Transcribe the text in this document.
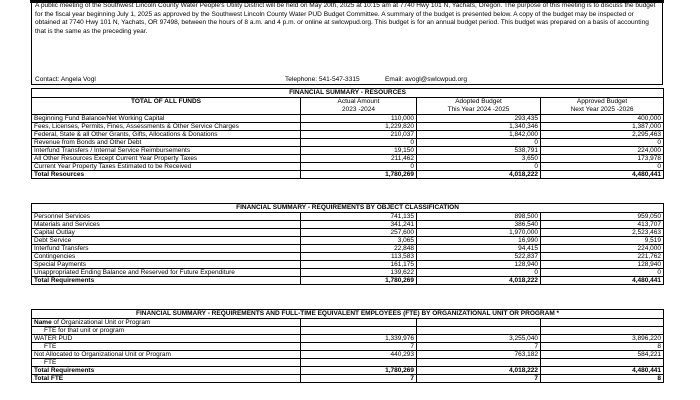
A public meeting of the Southwest Lincoln County Water People's Utility District will be held on May 20th, 2025 at 10:15 am at 7740 Hwy 101 N, Yachats, Oregon. The purpose of this meeting is to discuss the budget for the fiscal year beginning July 1, 2025 as approved by the Southwest Lincoln County Water PUD Budget Committee. A summary of the budget is presented below. A copy of the budget may be inspected or obtained at 7740 Hwy 101 N, Yachats, OR 97498, between the hours of 8 a.m. and 4 p.m. or online at swlcwpud.org. This budget is for an annual budget period. This budget was prepared on a basis of accounting that is the same as the preceding year.

Contact: Angela Vogl	Telephone: 541-547-3315	Email: avogl@swlcwpud.org
FINANCIAL SUMMARY - RESOURCES			
TOTAL OF ALL FUNDS	Actual Amount	Adopted Budget	Approved Budget
	2023 -2024	This Year 2024 -2025	Next Year 2025 -2026
Beginning Fund Balance/Net Working Capital	110,000	293,435	400,000
Fees, Licenses, Permits, Fines, Assessments & Other Service Charges	1,229,820	1,340,346	1,387,000
Federal, State & all Other Grants, Gifts, Allocations & Donations	210,037	1,842,000	2,295,463
Revenue from Bonds and Other Debt	0	0	0
Interfund Transfers / Internal Service Reimbursements	19,150	538,791	224,000
All Other Resources Except Current Year Property Taxes	211,462	3,650	173,978
Current Year Property Taxes Estimated to be Received	0	0	0
Total Resources	1,780,269	4,018,222	4,480,441
FINANCIAL SUMMARY - REQUIREMENTS BY OBJECT CLASSIFICATION			
Personnel Services	741,135	898,500	959,050
Materials and Services	341,241	386,540	413,707
Capital Outlay	257,600	1,970,000	2,523,463
Debt Service	3,065	16,990	9,519
Interfund Transfers	22,848	94,415	224,000
Contingencies	113,583	522,837	221,762
Special Payments	161,175	128,940	128,940
Unappropriated Ending Balance and Reserved for Future Expenditure	139,622	0	0
Total Requirements	1,780,269	4,018,222	4,480,441
FINANCIAL SUMMARY - REQUIREMENTS AND FULL-TIME EQUIVALENT EMPLOYEES (FTE) BY ORGANIZATIONAL UNIT OR PROGRAM *			
Name of Organizational Unit or Program			
FTE for that unit or program			
WATER PUD	1,339,976	3,255,040	3,896,220
FTE	7	7	8
Not Allocated to Organizational Unit or Program	440,293	763,182	584,221
FTE			
Total Requirements	1,780,269	4,018,222	4,480,441
Total FTE	7	7	8
